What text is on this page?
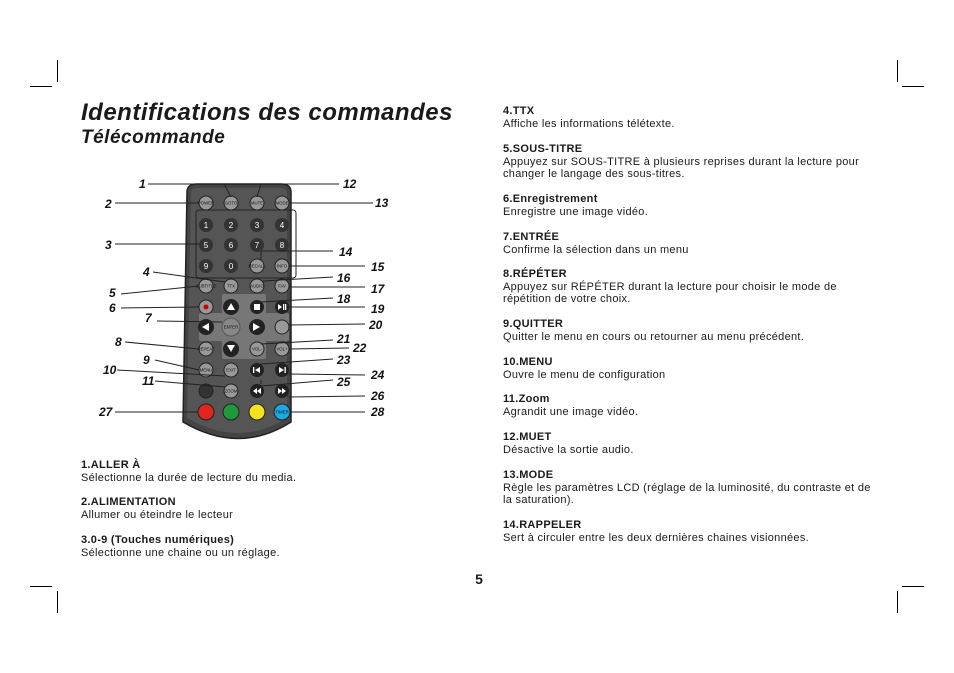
Identifications des commandes
Télécommande
POWER GOTO	MUTE	MODE
1	2	3	4
5	6	7	8
9	0	RECALL	INFO
SUBTITLE TTX	AUDIO	FAV
ENTER
REPEAT	VOL-	VOL+
MENU	EXIT
ZOOM
TIMER
1
2
3
4
5
6
7
8
9
10
11
12
13
14
15
16
17
18
19
20
21
22
23
24
25
26
27	28
1.ALLER À
Sélectionne la durée de lecture du media.
2.ALIMENTATION
Allumer ou éteindre le lecteur
3.0-9 (Touches numériques)
Sélectionne une chaine ou un réglage.
4.TTX
Affiche les informations télétexte.
5.SOUS-TITRE
Appuyez sur SOUS-TITRE à plusieurs reprises durant la lecture pour changer le langage des sous-titres.
6.Enregistrement
Enregistre une image vidéo.
7.ENTRÉE
Confirme la sélection dans un menu
8.RÉPÉTER
Appuyez sur RÉPÉTER durant la lecture pour choisir le mode de répétition de votre choix.
9.QUITTER
Quitter le menu en cours ou retourner au menu précédent.
10.MENU
Ouvre le menu de configuration
11.Zoom
Agrandit une image vidéo.
12.MUET
Désactive la sortie audio.
13.MODE
Règle les paramètres LCD (réglage de la luminosité, du contraste et de la saturation).
14.RAPPELER
Sert à circuler entre les deux dernières chaines visionnées.
5
